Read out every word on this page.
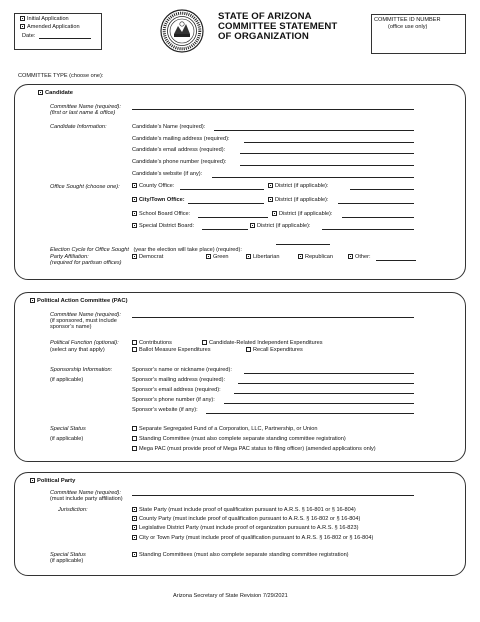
Initial Application
Amended Application
Date:
STATE OF ARIZONA
COMMITTEE STATEMENT
OF ORGANIZATION
COMMITTEE ID NUMBER
(office use only)
COMMITTEE TYPE (choose one):
Candidate
Committee Name (required):
(first or last name & office)
Candidate Information:	Candidate’s Name (required):
Candidate’s mailing address (required):
Candidate’s email address (required):
Candidate’s phone number (required):
Candidate’s website (if any):
Office Sought (choose one):	County Office:	District (if applicable):
City/Town Office:	District (if applicable):
School Board Office:	District (if applicable):
Special District Board:	District (if applicable):
Election Cycle for Office Sought (year the election will take place) (required):
Party Affiliation:
(required for partisan offices)
Democrat	Green	Libertarian	Republican	Other:
Political Action Committee (PAC)
Committee Name (required):
(if sponsored, must include
sponsor’s name)
Political Function (optional):
(select any that apply)
Contributions	Candidate-Related Independent Expenditures
Ballot Measure Expenditures	Recall Expenditures
Sponsorship Information:
(if applicable)
Sponsor’s name or nickname (required):
Sponsor’s mailing address (required):
Sponsor’s email address (required):
Sponsor’s phone number (if any):
Sponsor’s website (if any):
Special Status
(if applicable)
Separate Segregated Fund of a Corporation, LLC, Partnership, or Union
Standing Committee (must also complete separate standing committee registration)
Mega PAC (must provide proof of Mega PAC status to filing officer) (amended applications only)
Political Party
Committee Name (required):
(must include party affiliation)
Jurisdiction:	State Party (must include proof of qualification pursuant to A.R.S. § 16-801 or § 16-804)
County Party (must include proof of qualification pursuant to A.R.S. § 16-802 or § 16-804)
Legislative District Party (must include proof of organization pursuant to A.R.S. § 16-823)
City or Town Party (must include proof of qualification pursuant to A.R.S. § 16-802 or § 16-804)
Special Status
(if applicable)
Standing Committees (must also complete separate standing committee registration)
Arizona Secretary of State Revision 7/29/2021
